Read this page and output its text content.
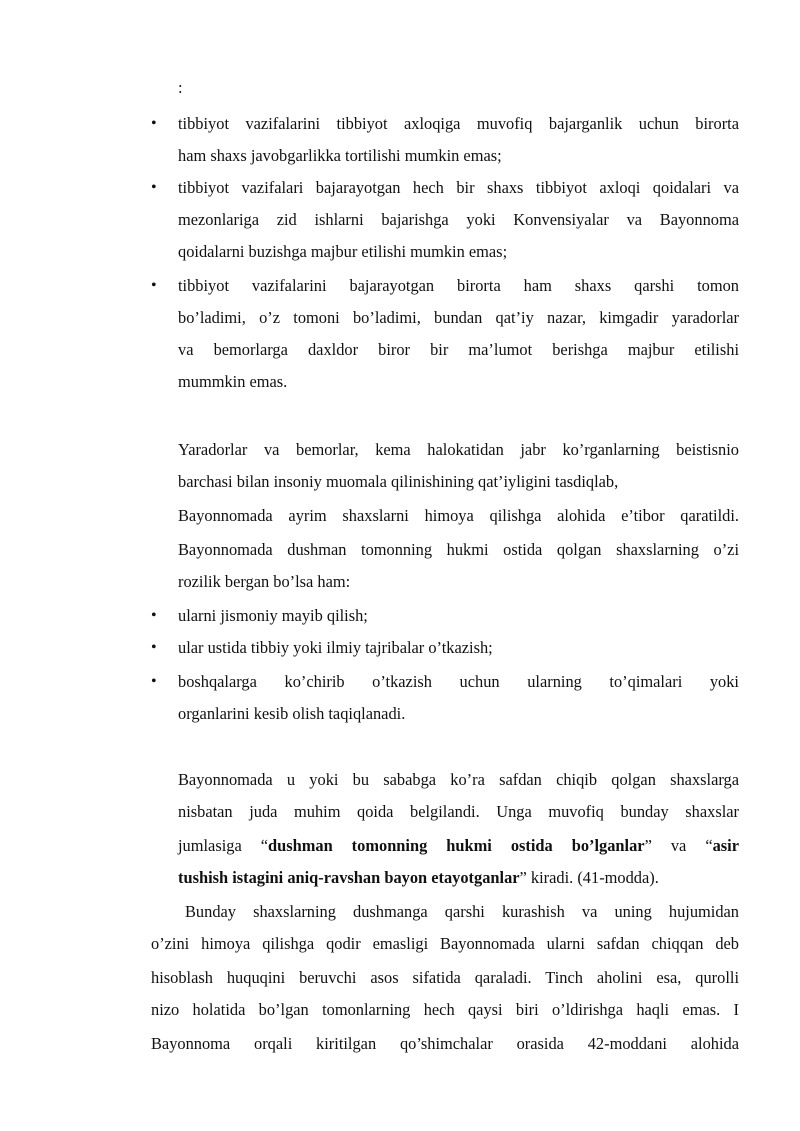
:
• tibbiyot vazifalarini tibbiyot axloqiga muvofiq bajarganlik uchun birorta
ham shaxs javobgarlikka tortilishi mumkin emas;
• tibbiyot vazifalari bajarayotgan hech bir shaxs tibbiyot axloqi qoidalari va
mezonlariga zid ishlarni bajarishga yoki Konvensiyalar va Bayonnoma
qoidalarni buzishga majbur etilishi mumkin emas;
• tibbiyot vazifalarini bajarayotgan birorta ham shaxs qarshi tomon
bo’ladimi, o’z tomoni bo’ladimi, bundan qat’iy nazar, kimgadir yaradorlar
va bemorlarga daxldor biror bir ma’lumot berishga majbur etilishi
mummkin emas.
Yaradorlar va bemorlar, kema halokatidan jabr ko’rganlarning beistisnio
barchasi bilan insoniy muomala qilinishining qat’iyligini tasdiqlab,
Bayonnomada ayrim shaxslarni himoya qilishga alohida e’tibor qaratildi.
Bayonnomada dushman tomonning hukmi ostida qolgan shaxslarning o’zi
rozilik bergan bo’lsa ham:
• ularni jismoniy mayib qilish;
• ular ustida tibbiy yoki ilmiy tajribalar o’tkazish;
• boshqalarga ko’chirib o’tkazish uchun ularning to’qimalari yoki
organlarini kesib olish taqiqlanadi.
Bayonnomada u yoki bu sababga ko’ra safdan chiqib qolgan shaxslarga
nisbatan juda muhim qoida belgilandi. Unga muvofiq bunday shaxslar
jumlasiga “dushman tomonning hukmi ostida bo’lganlar” va “asir
tushish istagini aniq-ravshan bayon etayotganlar” kiradi. (41-modda).
Bunday shaxslarning dushmanga qarshi kurashish va uning hujumidan
o’zini himoya qilishga qodir emasligi Bayonnomada ularni safdan chiqqan deb
hisoblash huquqini beruvchi asos sifatida qaraladi. Tinch aholini esa, qurolli
nizo holatida bo’lgan tomonlarning hech qaysi biri o’ldirishga haqli emas. I
Bayonnoma orqali kiritilgan qo’shimchalar orasida 42-moddani alohida
